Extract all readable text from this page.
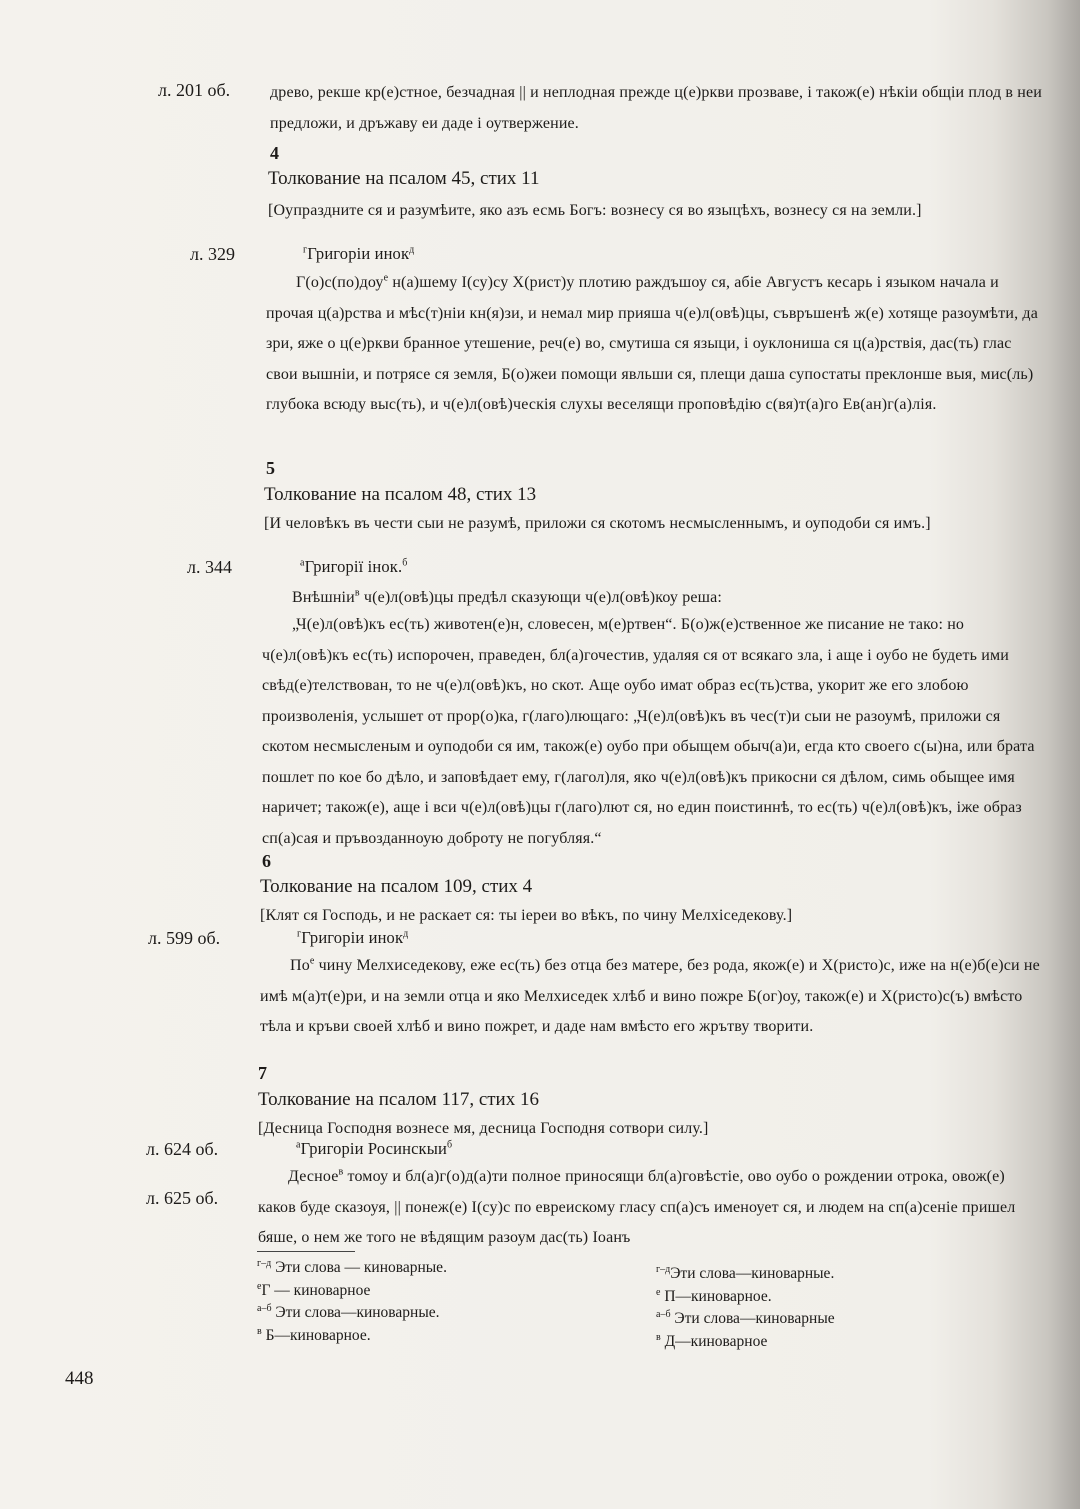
л. 201 об. древо, рекше кр(е)стное, безчадная || и неплодная прежде ц(е)ркви прозваве, і також(е) нѣкіи общіи плод в неи предложи, и дръжаву еи даде і оутвержение.
4
Толкование на псалом 45, стих 11
[Оупраздните ся и разумѣите, яко азъ есмь Богъ: вознесу ся во языцѣхъ, вознесу ся на земли.]
л. 329	$^г$Григоріи инок$^д$
Г(о)с(по)доу$^е$ н(а)шему І(су)су Х(рист)у плотию раждъшоу ся, абіе Августъ кесарь і языком начала и прочая ц(а)рства и мѣс(т)ніи кн(я)зи, и немал мир прияша ч(е)л(овѣ)цы, съвръшенѣ ж(е) хотяще разоумѣти, да зри, яже о ц(е)ркви бранное утешение, реч(е) во, смутиша ся языци, і оуклониша ся ц(а)рствія, дас(ть) глас свои вышніи, и потрясе ся земля, Б(о)жеи помощи явльши ся, плещи даша супостаты преклонше выя, мис(ль) глубока всюду выс(ть), и ч(е)л(овѣ)ческія слухы веселящи проповѣдію с(вя)т(а)го Ев(ан)г(а)лія.
5
Толкование на псалом 48, стих 13
[И человѣкъ въ чести сыи не разумѣ, приложи ся скотомъ несмысленнымъ, и оуподоби ся имъ.]
л. 344	$^а$Григорії інок.$^б$
Внѣшніи$^в$ ч(е)л(овѣ)цы предѣл сказующи ч(е)л(овѣ)коу реша:
„Ч(е)л(овѣ)къ ес(ть) животен(е)н, словесен, м(е)ртвен“. Б(о)ж(е)ственное же писание не тако: но ч(е)л(овѣ)къ ес(ть) испорочен, праведен, бл(а)гочестив, удаляя ся от всякаго зла, і аще і оубо не будеть ими свѣд(е)телствован, то не ч(е)л(овѣ)къ, но скот. Аще оубо имат образ ес(ть)ства, укорит же его злобою произволенія, услышет от прор(о)ка, г(лаго)лющаго: „Ч(е)л(овѣ)къ въ чес(т)и сыи не разоумѣ, приложи ся скотом несмысленым и оуподоби ся им, також(е) оубо при обыщем обыч(а)и, егда кто своего с(ы)на, или брата пошлет по кое бо дѣло, и заповѣдает ему, г(лагол)ля, яко ч(е)л(овѣ)къ прикосни ся дѣлом, симь обыщее имя наричет; також(е), аще і вси ч(е)л(овѣ)цы г(лаго)лют ся, но един поистиннѣ, то ес(ть) ч(е)л(овѣ)къ, іже образ сп(а)сая и пръвозданноую доброту не погубляя.“
6
Толкование на псалом 109, стих 4
[Клят ся Господь, и не раскает ся: ты іереи во вѣкъ, по чину Мелхіседекову.]
л. 599 об.	$^г$Григоріи инок$^д$
$По^е$ чину Мелхиседекову, еже ес(ть) без отца без матере, без рода, якож(е) и Х(ристо)с, иже на н(е)б(е)си не имѣ м(а)т(е)ри, и на земли отца и яко Мелхиседек хлѣб и вино пожре Б(ог)оу, також(е) и Х(ристо)с(ъ) вмѣсто тѣла и кръви своей хлѣб и вино пожрет, и даде нам вмѣсто его жрътву творити.
7
Толкование на псалом 117, стих 16
[Десница Господня вознесе мя, десница Господня сотвори силу.]
л. 624 об.	$^а$Григоріи Росинскыи$^б$
л. 625 об.
Десное$^в$ томоу и бл(а)г(о)д(а)ти полное приносящи бл(а)говѣстіе, ово оубо о рождении отрока, овож(е) каков буде сказоуя, || понеж(е) І(су)с по евреискому гласу сп(а)съ именоует ся, и людем на сп(а)сеніе пришел бяше, о нем же того не вѣдящим разоум дас(ть) Іоанъ
$^{г-д}$ Эти слова — киноварные.
$^е$Г — киноварное
$^{а-б}$ Эти слова—киноварные.
$^в$ Б—киноварное.
$^{г-д}$Эти слова—киноварные.
$^е$ П—киноварное.
$^{а-б}$ Эти слова—киноварные
$^в$ Д—киноварное
448
